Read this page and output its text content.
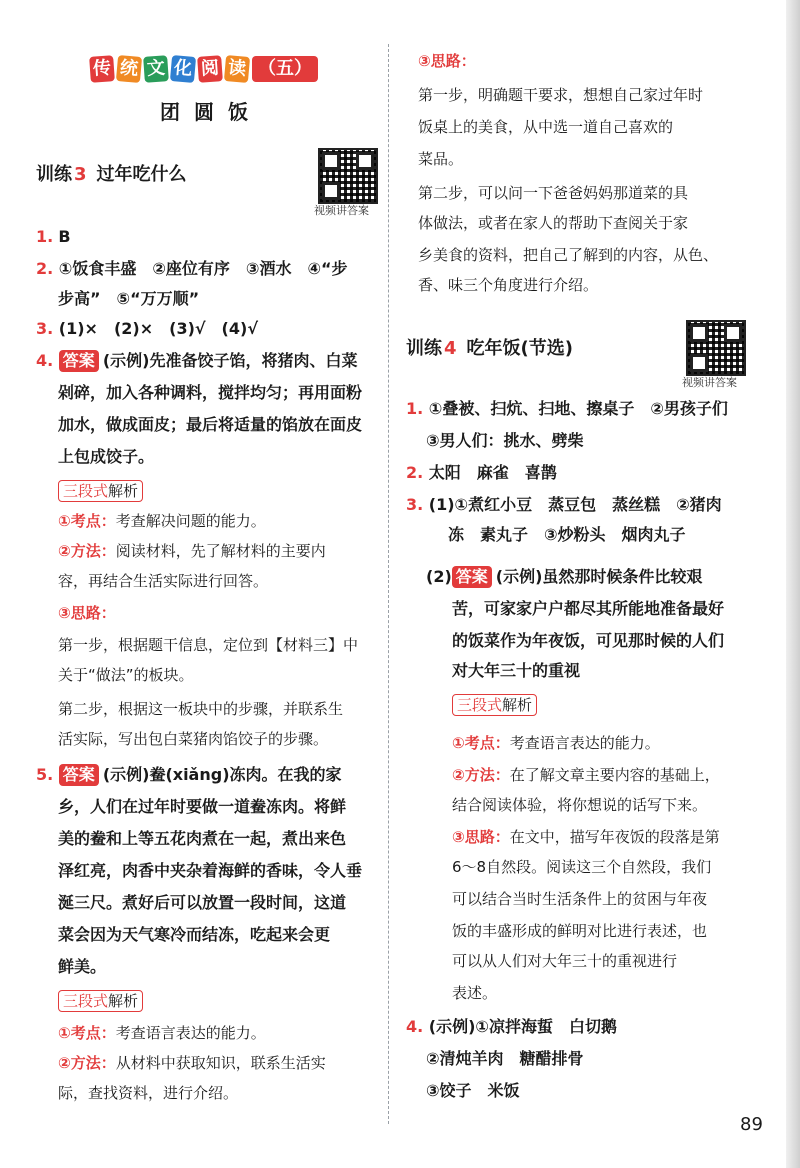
传 统 文 化 阅 读 （五）
团圆饭
训练 3 过年吃什么
视频讲答案
1. B
2. ①饭食丰盛　②座位有序　③酒水　④“步
步高”　⑤“万万顺”
3. (1)×　(2)×　(3)√　(4)√
4. 答案 (示例)先准备饺子馅，将猪肉、白菜
剁碎，加入各种调料，搅拌均匀；再用面粉
加水，做成面皮；最后将适量的馅放在面皮
上包成饺子。
三段式解析
①考点：考查解决问题的能力。
②方法：阅读材料，先了解材料的主要内
容，再结合生活实际进行回答。
③思路：
第一步，根据题干信息，定位到【材料三】中
关于“做法”的板块。
第二步，根据这一板块中的步骤，并联系生
活实际，写出包白菜猪肉馅饺子的步骤。
5. 答案 (示例)鲞(xiǎng)冻肉。在我的家
乡，人们在过年时要做一道鲞冻肉。将鲜
美的鲞和上等五花肉煮在一起，煮出来色
泽红亮，肉香中夹杂着海鲜的香味，令人垂
涎三尺。煮好后可以放置一段时间，这道
菜会因为天气寒冷而结冻，吃起来会更
鲜美。
三段式解析
①考点：考查语言表达的能力。
②方法：从材料中获取知识，联系生活实
际，查找资料，进行介绍。
③思路：
第一步，明确题干要求，想想自己家过年时
饭桌上的美食，从中选一道自己喜欢的
菜品。
第二步，可以问一下爸爸妈妈那道菜的具
体做法，或者在家人的帮助下查阅关于家
乡美食的资料，把自己了解到的内容，从色、
香、味三个角度进行介绍。
训练 4 吃年饭(节选)
视频讲答案
1. ①叠被、扫炕、扫地、擦桌子　②男孩子们
③男人们：挑水、劈柴
2. 太阳　麻雀　喜鹊
3. (1)①煮红小豆　蒸豆包　蒸丝糕　②猪肉
冻　素丸子　③炒粉头　烟肉丸子
(2) 答案 (示例)虽然那时候条件比较艰
苦，可家家户户都尽其所能地准备最好
的饭菜作为年夜饭，可见那时候的人们
对大年三十的重视
三段式解析
①考点：考查语言表达的能力。
②方法：在了解文章主要内容的基础上，
结合阅读体验，将你想说的话写下来。
③思路：在文中，描写年夜饭的段落是第
6～8自然段。阅读这三个自然段，我们
可以结合当时生活条件上的贫困与年夜
饭的丰盛形成的鲜明对比进行表述，也
可以从人们对大年三十的重视进行
表述。
4. (示例)①凉拌海蜇　白切鹅
②清炖羊肉　糖醋排骨
③饺子　米饭
89
